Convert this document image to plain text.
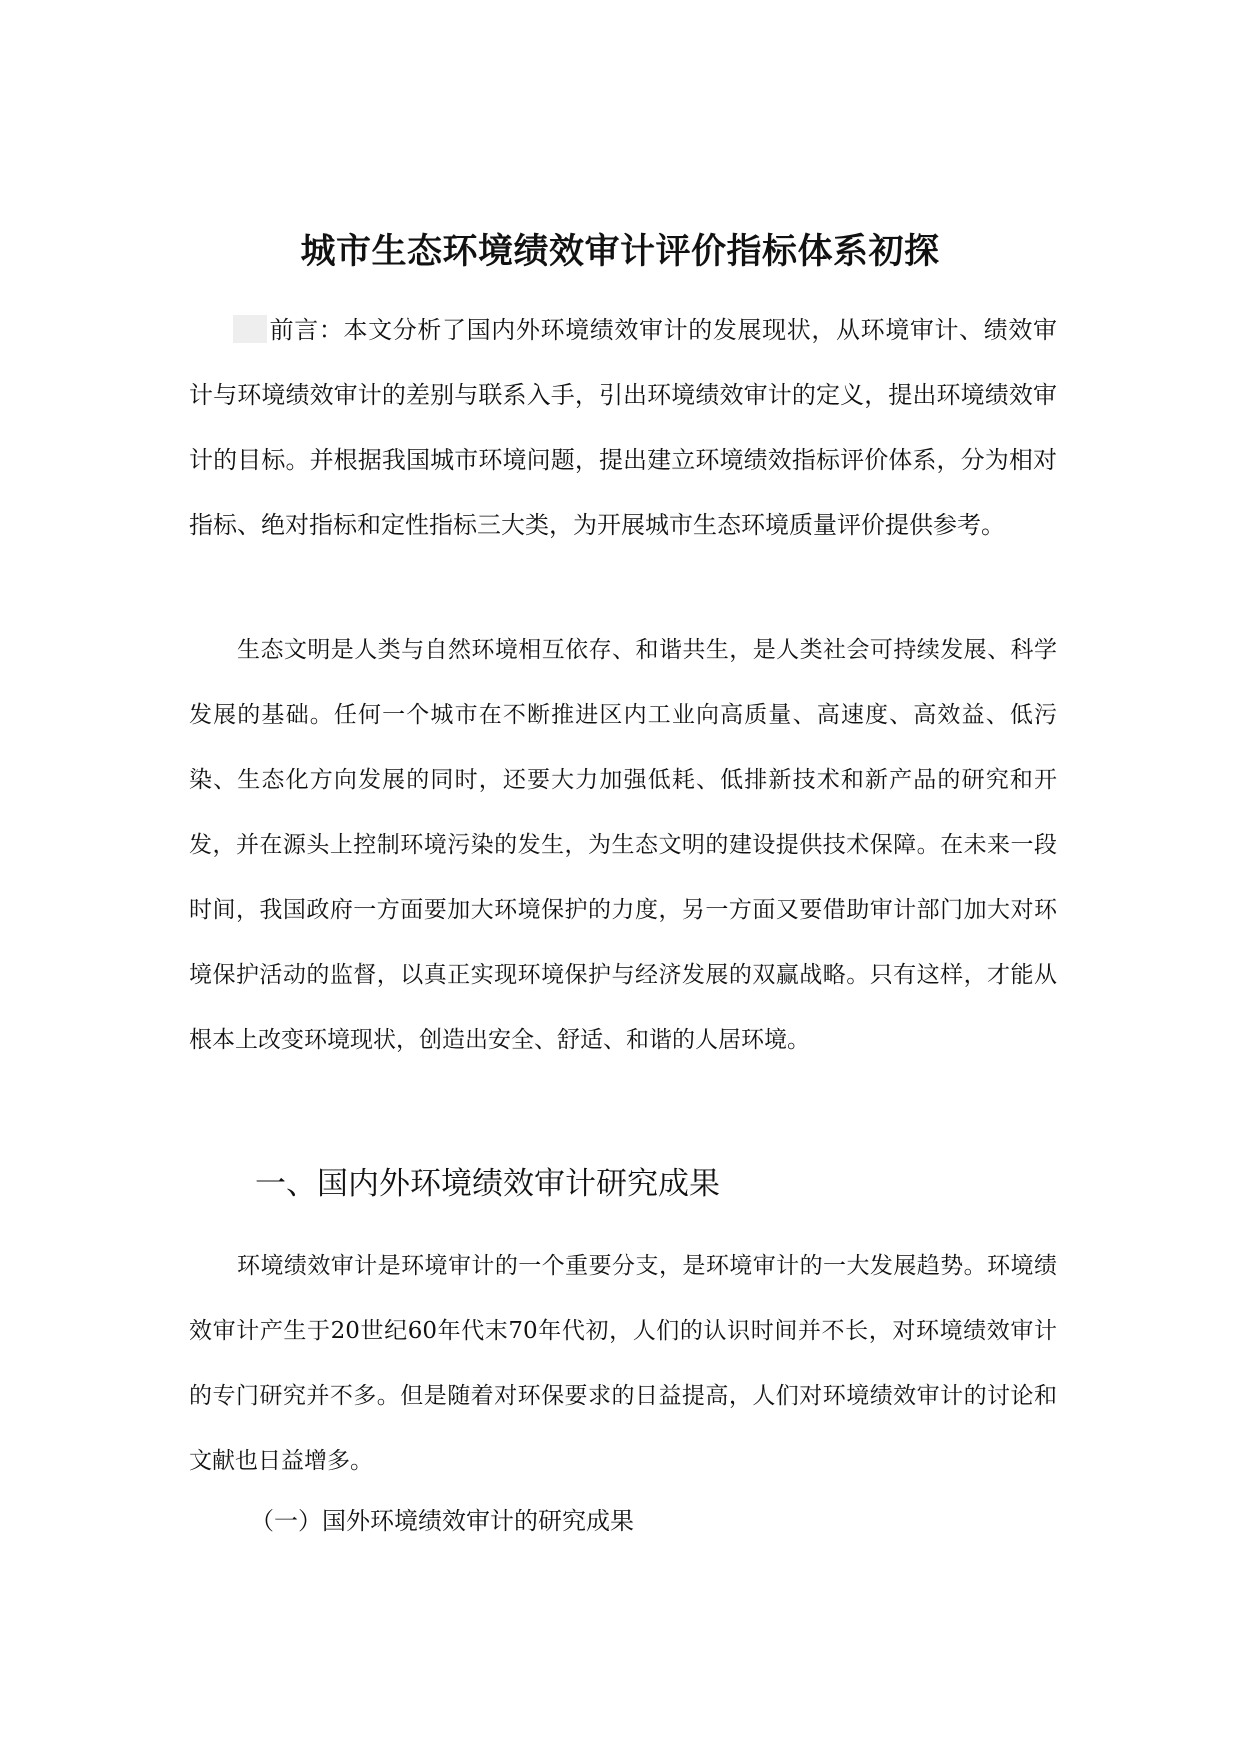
城市生态环境绩效审计评价指标体系初探

前言：本文分析了国内外环境绩效审计的发展现状，从环境审计、绩效审计与环境绩效审计的差别与联系入手，引出环境绩效审计的定义，提出环境绩效审计的目标。并根据我国城市环境问题，提出建立环境绩效指标评价体系，分为相对指标、绝对指标和定性指标三大类，为开展城市生态环境质量评价提供参考。

生态文明是人类与自然环境相互依存、和谐共生，是人类社会可持续发展、科学发展的基础。任何一个城市在不断推进区内工业向高质量、高速度、高效益、低污染、生态化方向发展的同时，还要大力加强低耗、低排新技术和新产品的研究和开发，并在源头上控制环境污染的发生，为生态文明的建设提供技术保障。在未来一段时间，我国政府一方面要加大环境保护的力度，另一方面又要借助审计部门加大对环境保护活动的监督，以真正实现环境保护与经济发展的双赢战略。只有这样，才能从根本上改变环境现状，创造出安全、舒适、和谐的人居环境。

一、国内外环境绩效审计研究成果

环境绩效审计是环境审计的一个重要分支，是环境审计的一大发展趋势。环境绩效审计产生于20世纪60年代末70年代初，人们的认识时间并不长，对环境绩效审计的专门研究并不多。但是随着对环保要求的日益提高，人们对环境绩效审计的讨论和文献也日益增多。

（一）国外环境绩效审计的研究成果
